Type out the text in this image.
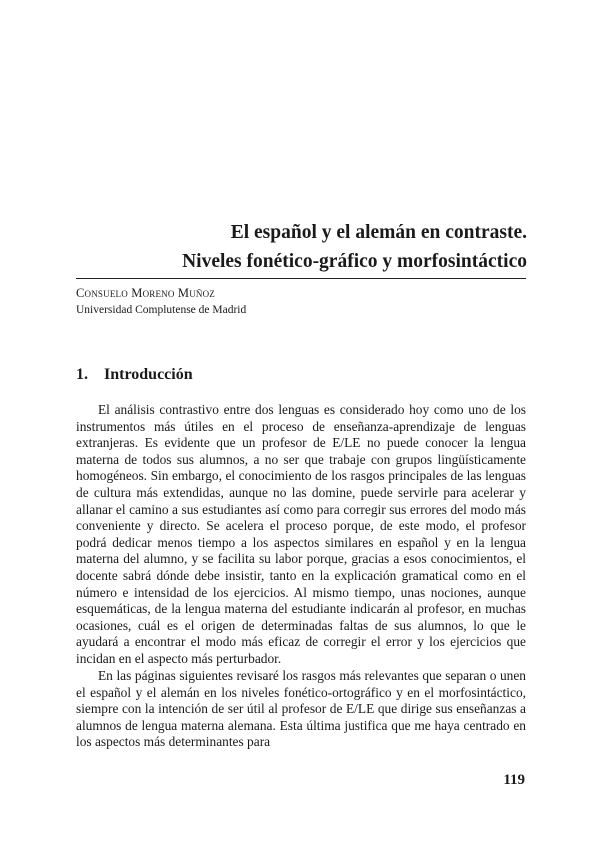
El español y el alemán en contraste.
Niveles fonético-gráfico y morfosintáctico
Consuelo Moreno Muñoz
Universidad Complutense de Madrid
1. Introducción

El análisis contrastivo entre dos lenguas es considerado hoy como uno de los instrumentos más útiles en el proceso de enseñanza-aprendizaje de lenguas extranjeras. Es evidente que un profesor de E/LE no puede conocer la lengua materna de todos sus alumnos, a no ser que trabaje con grupos lingüísticamente homogéneos. Sin embargo, el conocimiento de los rasgos principales de las lenguas de cultura más extendidas, aunque no las domine, puede servirle para acelerar y allanar el camino a sus estudiantes así como para corregir sus errores del modo más conveniente y directo. Se acelera el proceso porque, de este modo, el profesor podrá dedicar menos tiempo a los aspectos similares en español y en la lengua materna del alumno, y se facilita su labor porque, gracias a esos conocimientos, el docente sabrá dónde debe insistir, tanto en la explicación gramatical como en el número e intensidad de los ejercicios. Al mismo tiempo, unas nociones, aunque esquemáticas, de la lengua materna del estudiante indicarán al profesor, en muchas ocasiones, cuál es el origen de determinadas faltas de sus alumnos, lo que le ayudará a encontrar el modo más eficaz de corregir el error y los ejercicios que incidan en el aspecto más perturbador.

En las páginas siguientes revisaré los rasgos más relevantes que separan o unen el español y el alemán en los niveles fonético-ortográfico y en el morfosintáctico, siempre con la intención de ser útil al profesor de E/LE que dirige sus enseñanzas a alumnos de lengua materna alemana. Esta última justifica que me haya centrado en los aspectos más determinantes para

119
